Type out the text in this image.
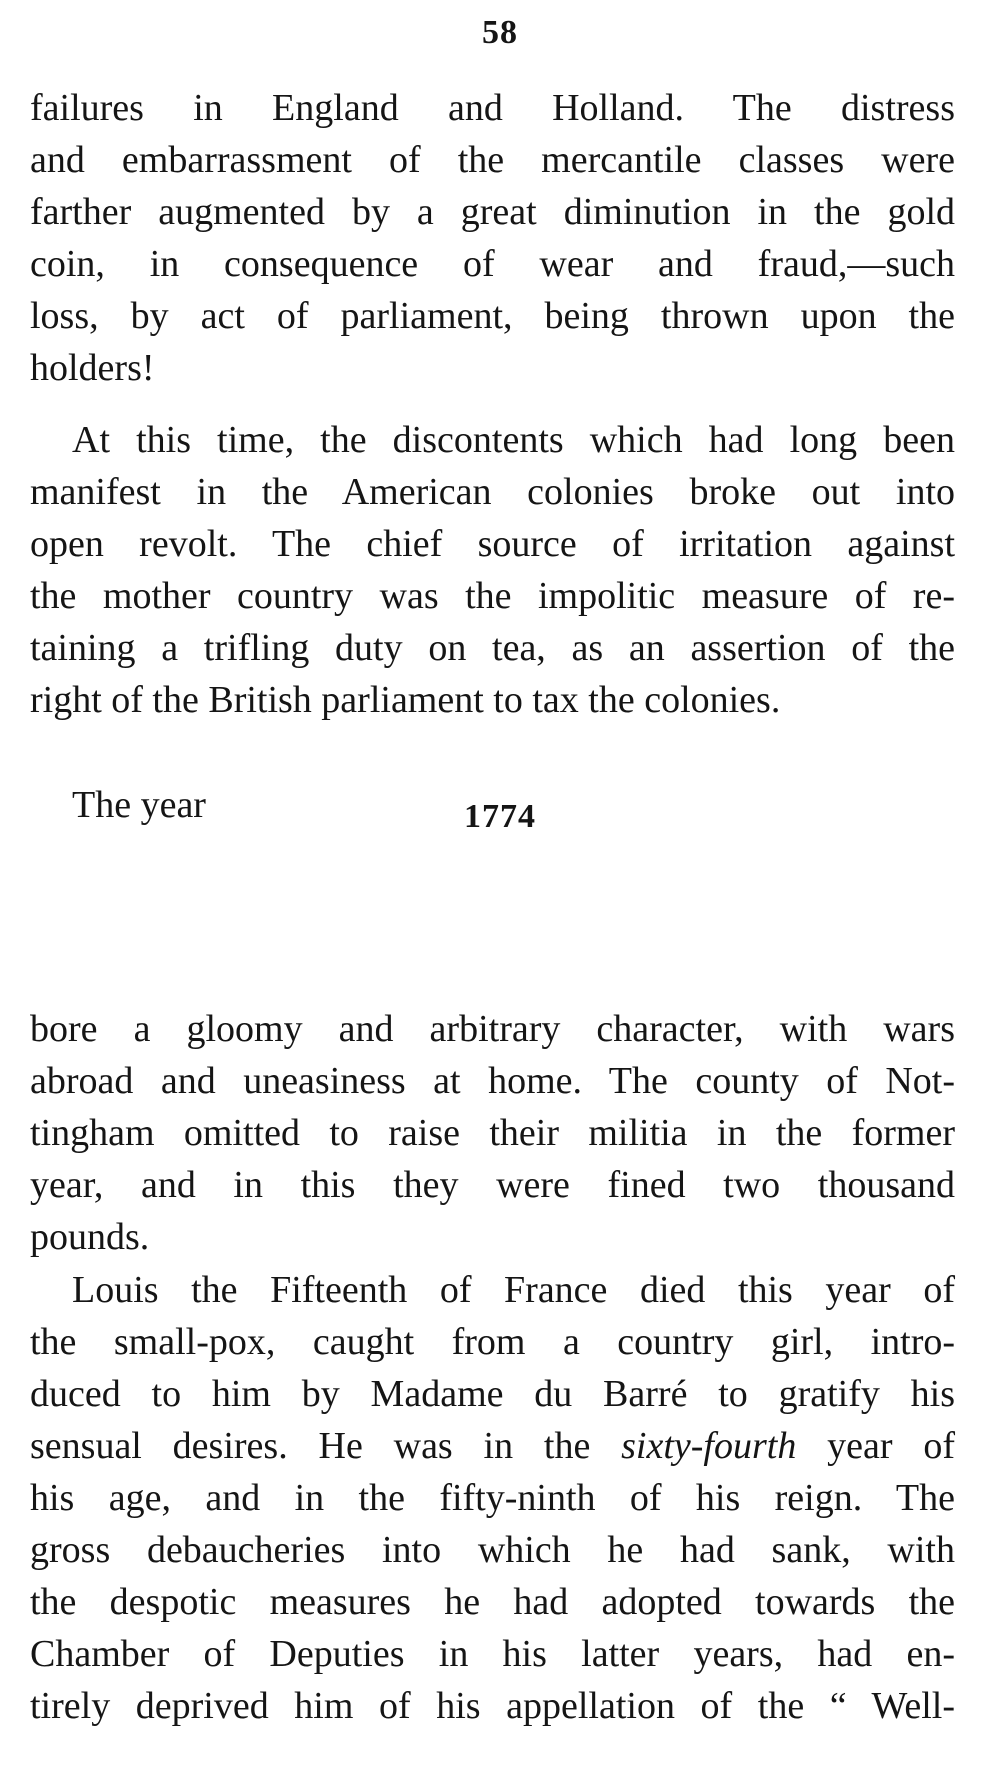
58
failures in England and Holland. The distress
and embarrassment of the mercantile classes were
farther augmented by a great diminution in the gold
coin, in consequence of wear and fraud,—such
loss, by act of parliament, being thrown upon the
holders!
At this time, the discontents which had long been
manifest in the American colonies broke out into
open revolt. The chief source of irritation against
the mother country was the impolitic measure of re-
taining a trifling duty on tea, as an assertion of the
right of the British parliament to tax the colonies.
The year	1774
bore a gloomy and arbitrary character, with wars
abroad and uneasiness at home. The county of Not-
tingham omitted to raise their militia in the former
year, and in this they were fined two thousand
pounds.
Louis the Fifteenth of France died this year of
the small-pox, caught from a country girl, intro-
duced to him by Madame du Barré to gratify his
sensual desires. He was in the sixty-fourth year of
his age, and in the fifty-ninth of his reign. The
gross debaucheries into which he had sank, with
the despotic measures he had adopted towards the
Chamber of Deputies in his latter years, had en-
tirely deprived him of his appellation of the “ Well-
